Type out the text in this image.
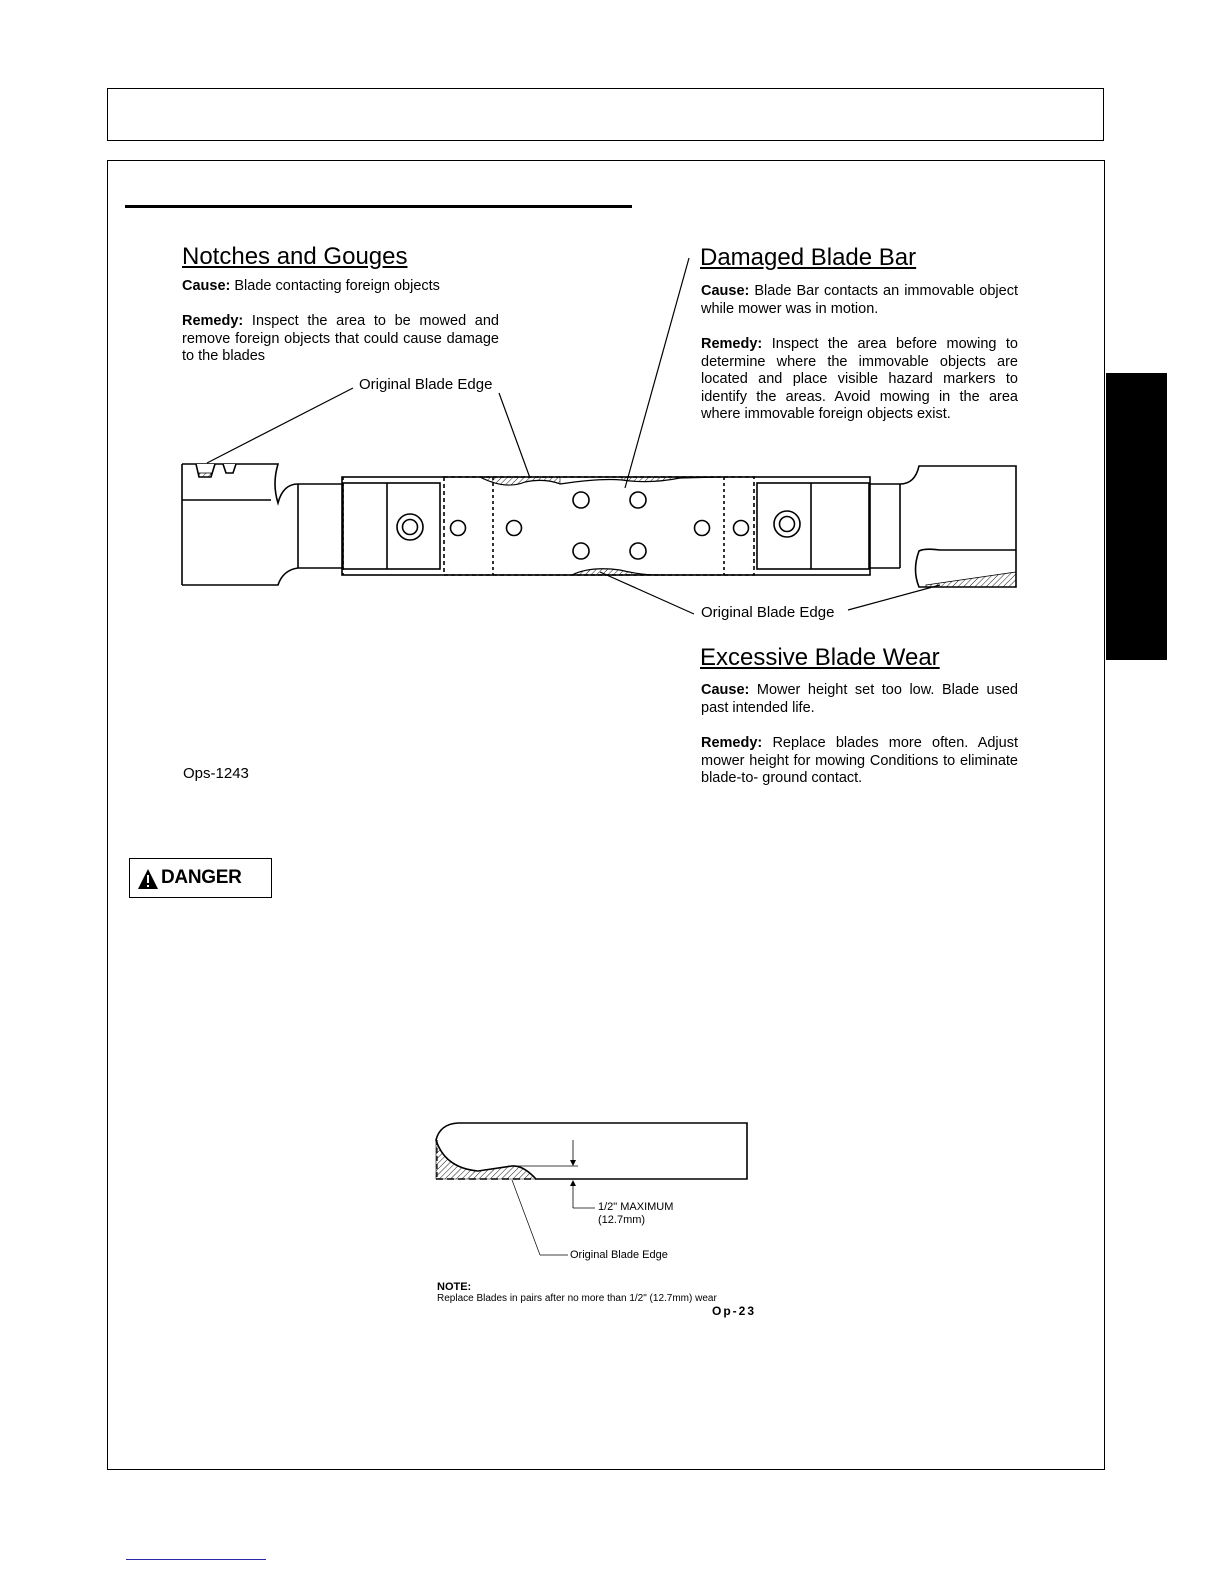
Notches and Gouges
Cause: Blade contacting foreign objects
Remedy: Inspect the area to be mowed and remove foreign objects that could cause damage to the blades
Damaged Blade Bar
Cause: Blade Bar contacts an immovable object while mower was in motion.
Remedy: Inspect the area before mowing to determine where the immovable objects are located and place visible hazard markers to identify the areas. Avoid mowing in the area where immovable foreign objects exist.
Original Blade Edge
Original Blade Edge
Excessive Blade Wear
Cause: Mower height set too low. Blade used past intended life.
Remedy: Replace blades more often. Adjust mower height for mowing Conditions to eliminate blade-to- ground contact.
Ops-1243
DANGER
1/2" MAXIMUM
(12.7mm)
Original Blade Edge
NOTE:
Replace Blades in pairs after no more than 1/2" (12.7mm) wear
Op-23
